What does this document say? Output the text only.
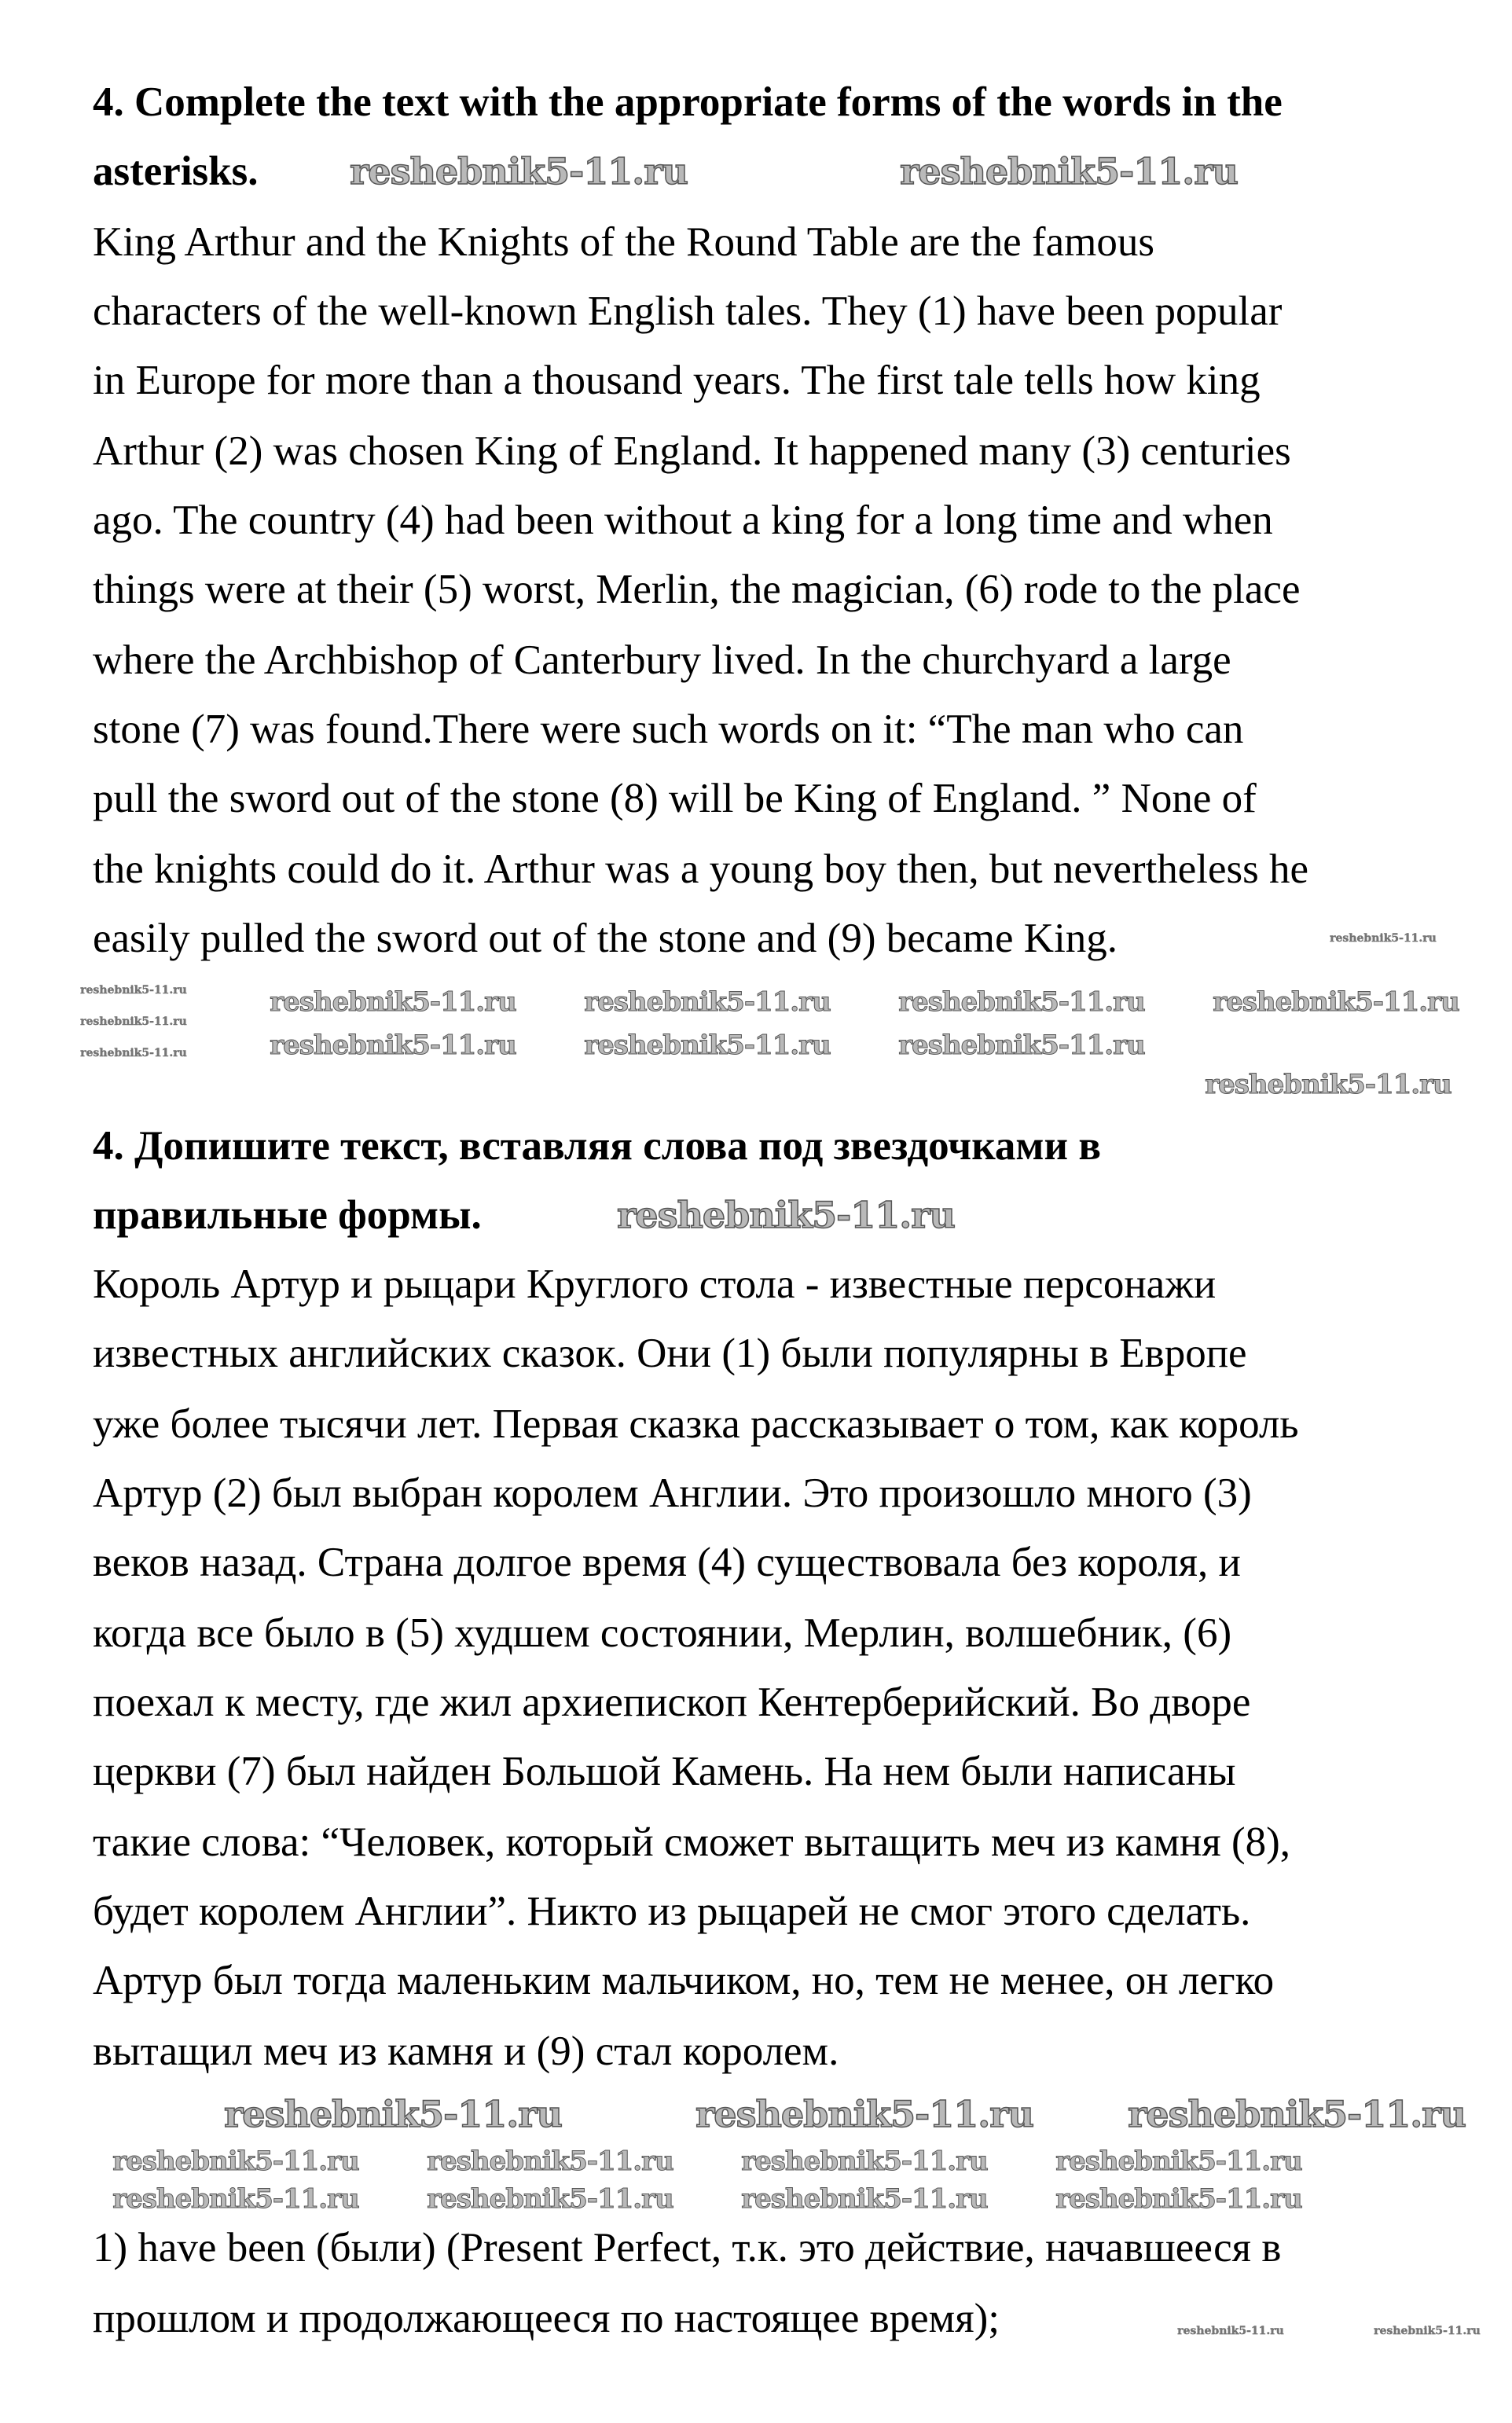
4. Complete the text with the appropriate forms of the words in the
asterisks.
King Arthur and the Knights of the Round Table are the famous
characters of the well-known English tales. They (1) have been popular
in Europe for more than a thousand years. The first tale tells how king
Arthur (2) was chosen King of England. It happened many (3) centuries
ago. The country (4) had been without a king for a long time and when
things were at their (5) worst, Merlin, the magician, (6) rode to the place
where the Archbishop of Canterbury lived. In the churchyard a large
stone (7) was found.There were such words on it: “The man who can
pull the sword out of the stone (8) will be King of England. ” None of
the knights could do it. Arthur was a young boy then, but nevertheless he
easily pulled the sword out of the stone and (9) became King.
4. Допишите текст, вставляя слова под звездочками в
правильные формы.
Король Артур и рыцари Круглого стола - известные персонажи
известных английских сказок. Они (1) были популярны в Европе
уже более тысячи лет. Первая сказка рассказывает о том, как король
Артур (2) был выбран королем Англии. Это произошло много (3)
веков назад. Страна долгое время (4) существовала без короля, и
когда все было в (5) худшем состоянии, Мерлин, волшебник, (6)
поехал к месту, где жил архиепископ Кентерберийский. Во дворе
церкви (7) был найден Большой Камень. На нем были написаны
такие слова: “Человек, который сможет вытащить меч из камня (8),
будет королем Англии”. Никто из рыцарей не смог этого сделать.
Артур был тогда маленьким мальчиком, но, тем не менее, он легко
вытащил меч из камня и (9) стал королем.
1) have been (были) (Present Perfect, т.к. это действие, начавшееся в
прошлом и продолжающееся по настоящее время);
reshebnik5-11.ru	reshebnik5-11.ru
reshebnik5-11.ru	reshebnik5-11.ru	reshebnik5-11.ru	reshebnik5-11.ru
reshebnik5-11.ru	reshebnik5-11.ru	reshebnik5-11.ru
reshebnik5-11.ru
reshebnik5-11.ru
reshebnik5-11.ru
reshebnik5-11.ru
reshebnik5-11.ru
reshebnik5-11.ru
reshebnik5-11.ru	reshebnik5-11.ru	reshebnik5-11.ru
reshebnik5-11.ru	reshebnik5-11.ru	reshebnik5-11.ru	reshebnik5-11.ru
reshebnik5-11.ru	reshebnik5-11.ru	reshebnik5-11.ru	reshebnik5-11.ru
reshebnik5-11.ru	reshebnik5-11.ru
